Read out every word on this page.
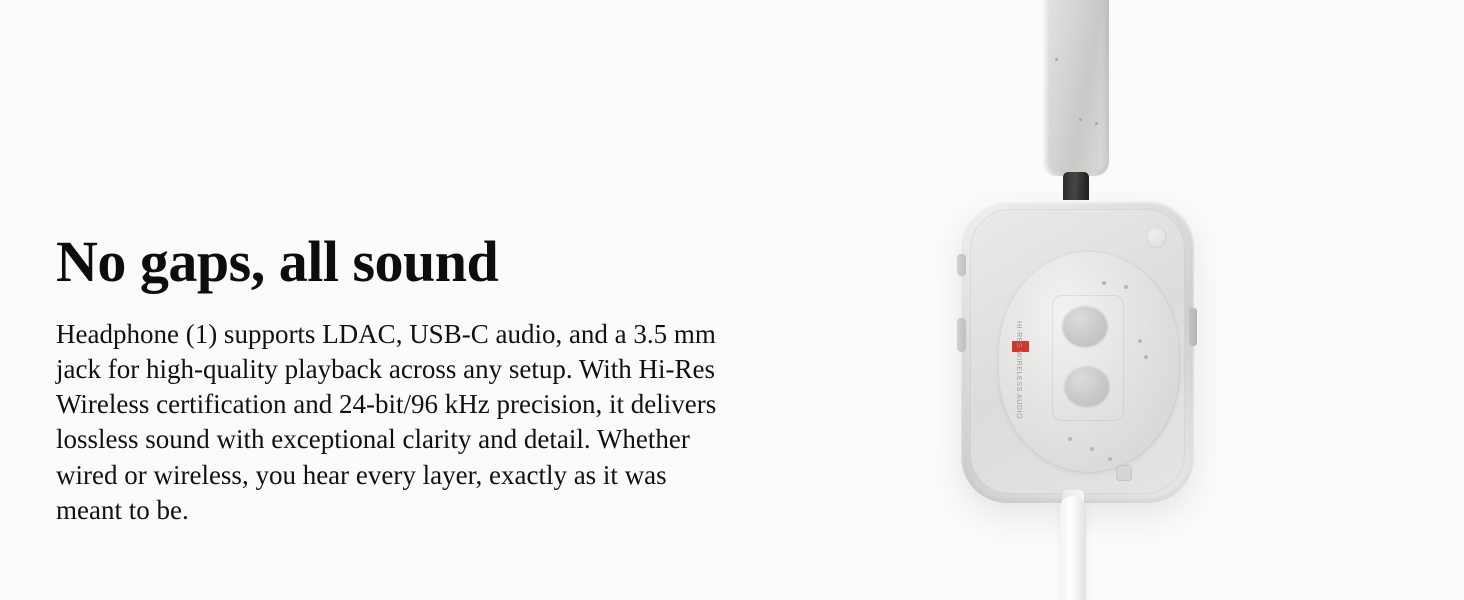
No gaps, all sound

Headphone (1) supports LDAC, USB-C audio, and a 3.5 mm jack for high-quality playback across any setup. With Hi-Res Wireless certification and 24-bit/96 kHz precision, it delivers lossless sound with exceptional clarity and detail. Whether wired or wireless, you hear every layer, exactly as it was meant to be.

HI-RES WIRELESS AUDIO
